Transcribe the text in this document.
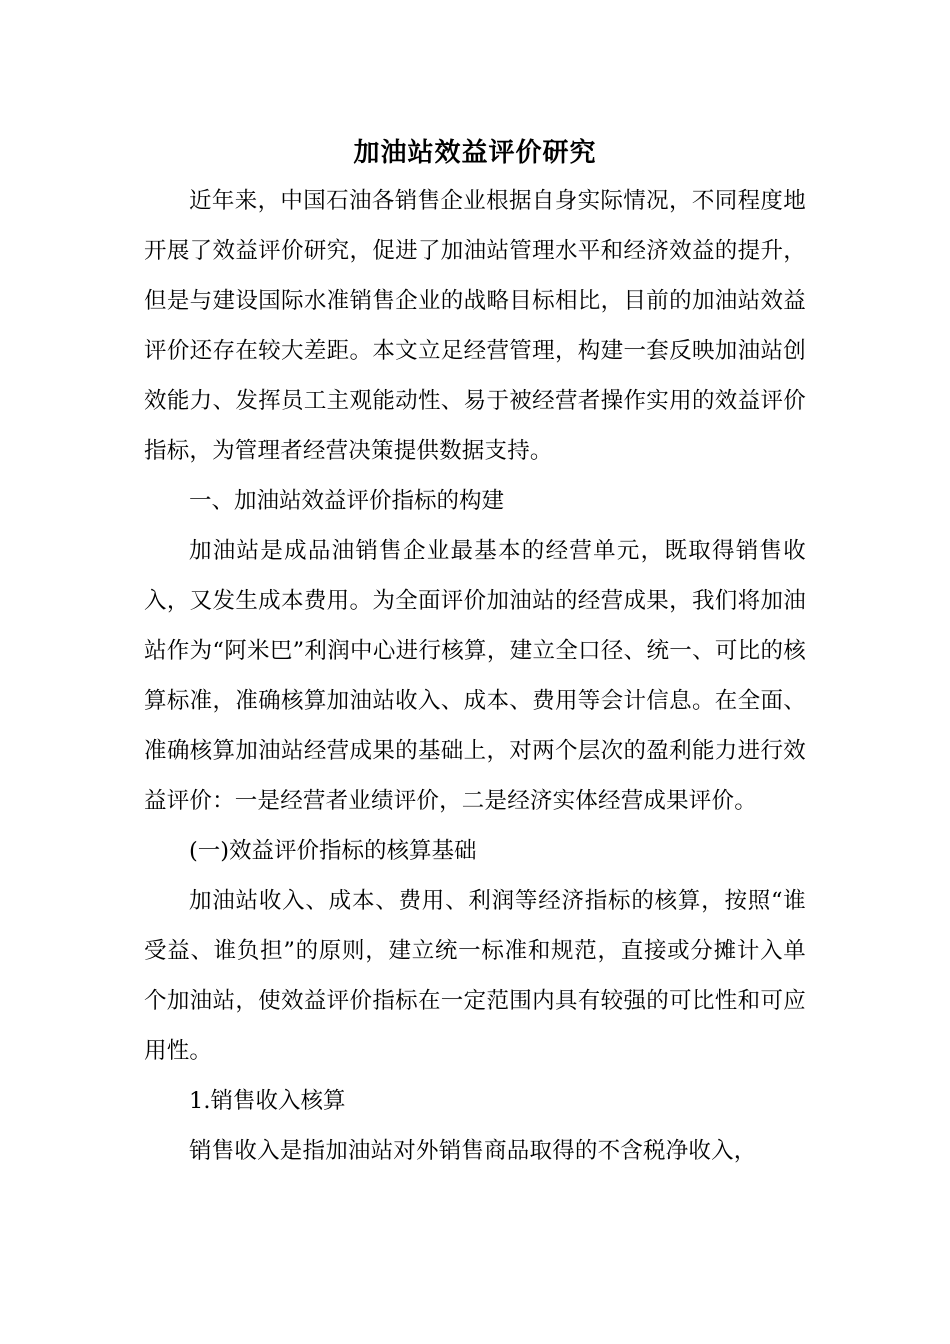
加油站效益评价研究

近年来，中国石油各销售企业根据自身实际情况，不同程度地开展了效益评价研究，促进了加油站管理水平和经济效益的提升，但是与建设国际水准销售企业的战略目标相比，目前的加油站效益评价还存在较大差距。本文立足经营管理，构建一套反映加油站创效能力、发挥员工主观能动性、易于被经营者操作实用的效益评价指标，为管理者经营决策提供数据支持。

一、加油站效益评价指标的构建

加油站是成品油销售企业最基本的经营单元，既取得销售收入，又发生成本费用。为全面评价加油站的经营成果，我们将加油站作为“阿米巴”利润中心进行核算，建立全口径、统一、可比的核算标准，准确核算加油站收入、成本、费用等会计信息。在全面、准确核算加油站经营成果的基础上，对两个层次的盈利能力进行效益评价：一是经营者业绩评价，二是经济实体经营成果评价。

(一)效益评价指标的核算基础

加油站收入、成本、费用、利润等经济指标的核算，按照“谁受益、谁负担”的原则，建立统一标准和规范，直接或分摊计入单个加油站，使效益评价指标在一定范围内具有较强的可比性和可应用性。

1.销售收入核算

销售收入是指加油站对外销售商品取得的不含税净收入，
